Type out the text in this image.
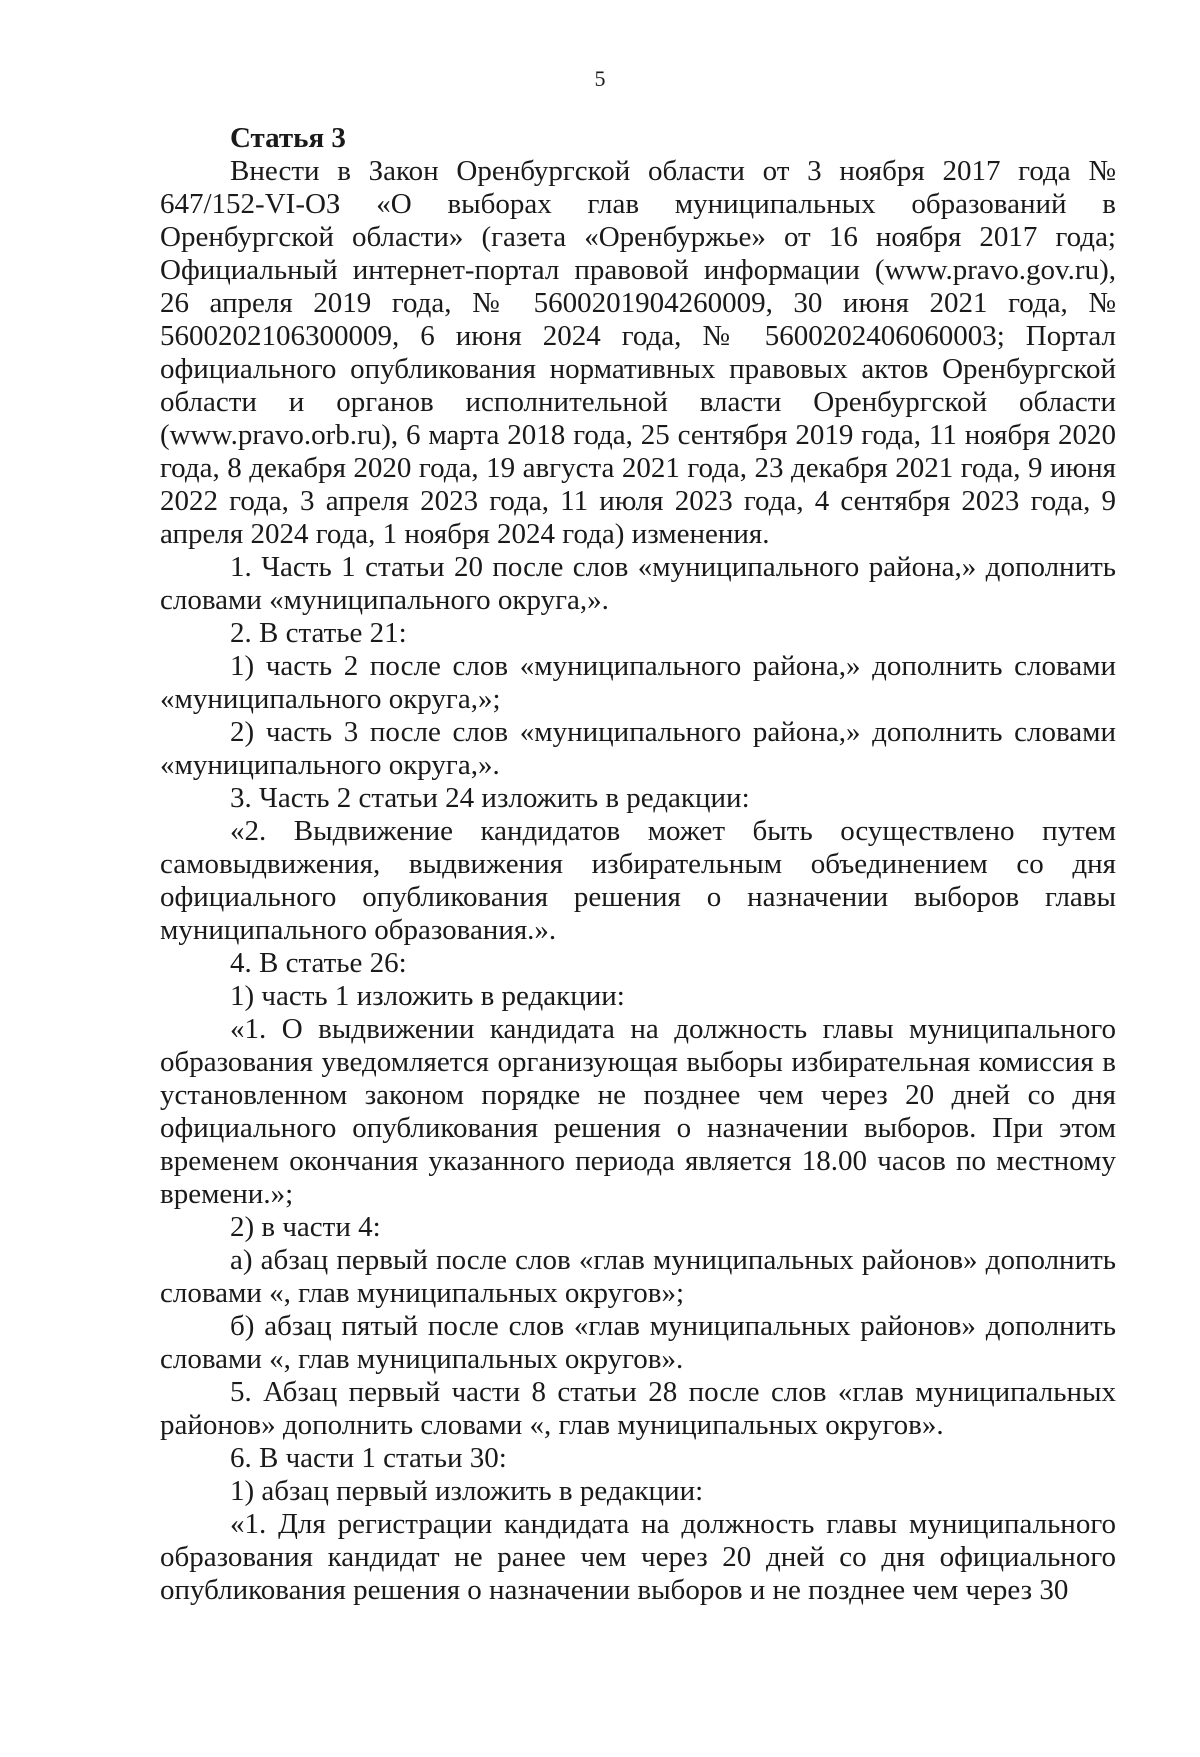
5

Статья 3

Внести в Закон Оренбургской области от 3 ноября 2017 года № 647/152-VI-ОЗ «О выборах глав муниципальных образований в Оренбургской области» (газета «Оренбуржье» от 16 ноября 2017 года; Официальный интернет-портал правовой информации (www.pravo.gov.ru), 26 апреля 2019 года, № 5600201904260009, 30 июня 2021 года, № 5600202106300009, 6 июня 2024 года, № 5600202406060003; Портал официального опубликования нормативных правовых актов Оренбургской области и органов исполнительной власти Оренбургской области (www.pravo.orb.ru), 6 марта 2018 года, 25 сентября 2019 года, 11 ноября 2020 года, 8 декабря 2020 года, 19 августа 2021 года, 23 декабря 2021 года, 9 июня 2022 года, 3 апреля 2023 года, 11 июля 2023 года, 4 сентября 2023 года, 9 апреля 2024 года, 1 ноября 2024 года) изменения.

1. Часть 1 статьи 20 после слов «муниципального района,» дополнить словами «муниципального округа,».

2. В статье 21:

1) часть 2 после слов «муниципального района,» дополнить словами «муниципального округа,»;

2) часть 3 после слов «муниципального района,» дополнить словами «муниципального округа,».

3. Часть 2 статьи 24 изложить в редакции:

«2. Выдвижение кандидатов может быть осуществлено путем самовыдвижения, выдвижения избирательным объединением со дня официального опубликования решения о назначении выборов главы муниципального образования.».

4. В статье 26:

1) часть 1 изложить в редакции:

«1. О выдвижении кандидата на должность главы муниципального образования уведомляется организующая выборы избирательная комиссия в установленном законом порядке не позднее чем через 20 дней со дня официального опубликования решения о назначении выборов. При этом временем окончания указанного периода является 18.00 часов по местному времени.»;

2) в части 4:

а) абзац первый после слов «глав муниципальных районов» дополнить словами «, глав муниципальных округов»;

б) абзац пятый после слов «глав муниципальных районов» дополнить словами «, глав муниципальных округов».

5. Абзац первый части 8 статьи 28 после слов «глав муниципальных районов» дополнить словами «, глав муниципальных округов».

6. В части 1 статьи 30:

1) абзац первый изложить в редакции:

«1. Для регистрации кандидата на должность главы муниципального образования кандидат не ранее чем через 20 дней со дня официального опубликования решения о назначении выборов и не позднее чем через 30
